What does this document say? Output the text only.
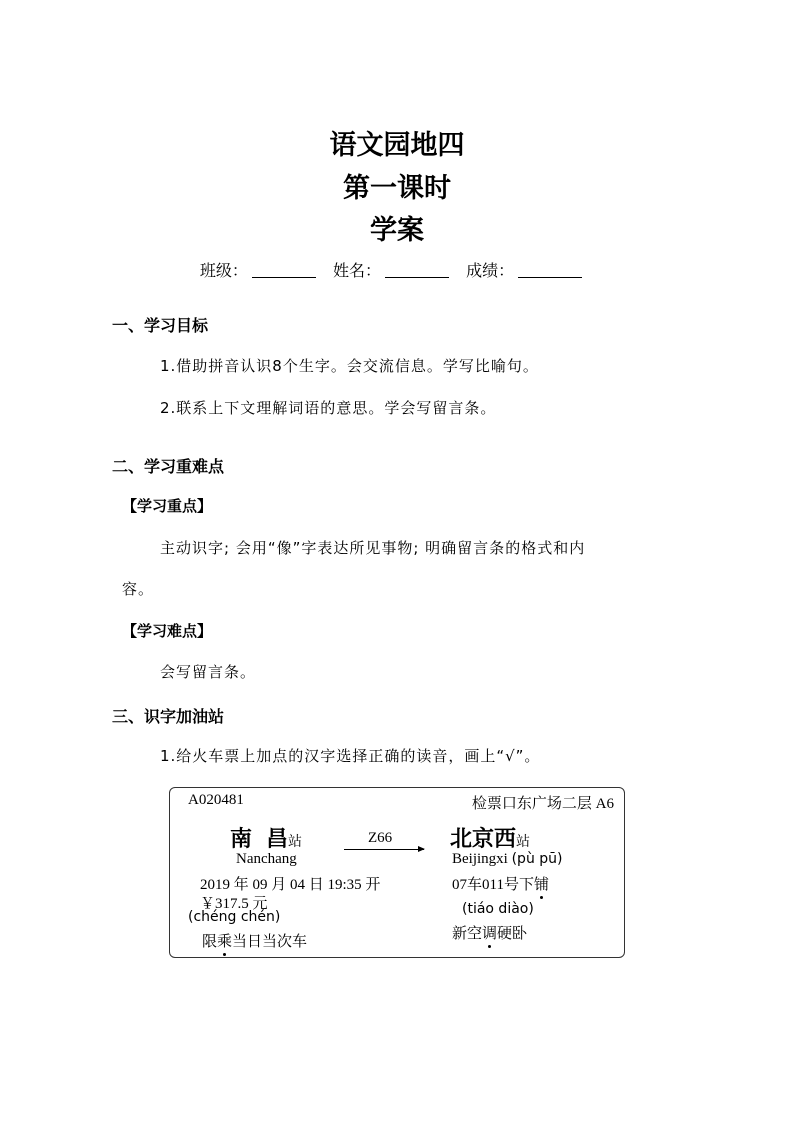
语文园地四
第一课时
学案
班级：	姓名：	成绩：
一、学习目标
1.借助拼音认识8个生字。会交流信息。学写比喻句。
2.联系上下文理解词语的意思。学会写留言条。
二、学习重难点
【学习重点】
主动识字; 会用“像”字表达所见事物; 明确留言条的格式和内
容。
【学习难点】
会写留言条。
三、识字加油站
1.给火车票上加点的汉字选择正确的读音，画上“√”。
A020481	检票口东广场二层 A6
南 昌站	Z66	北京西站
Nanchang	Beijingxi (pù pū)
2019 年 09 月 04 日 19:35 开	07车011号下铺
￥317.5 元
(chéng chén)	(tiáo diào)
限乘当日当次车	新空调硬卧
